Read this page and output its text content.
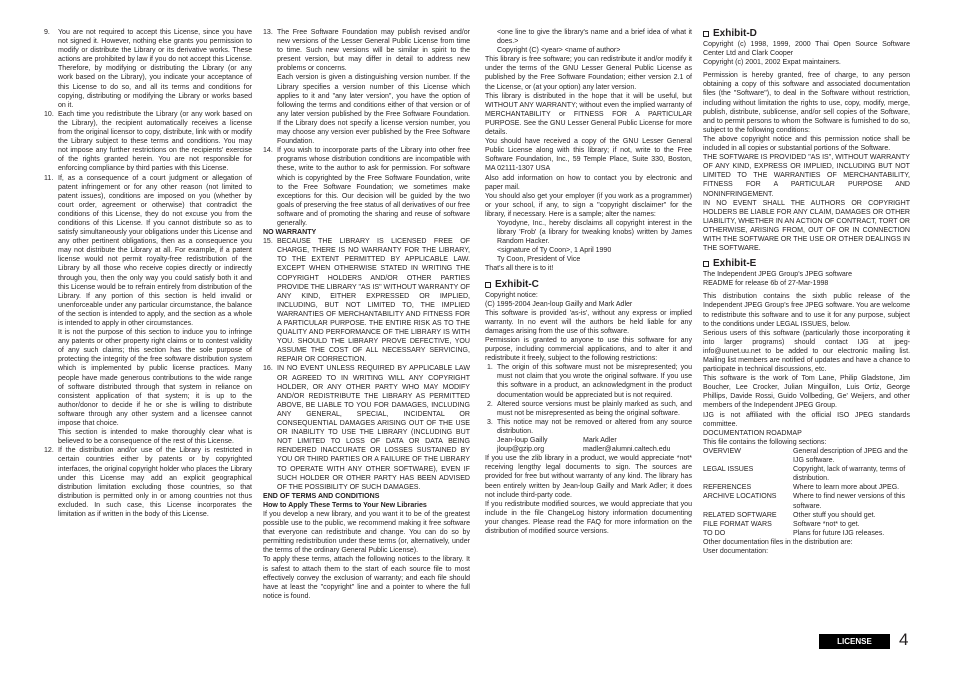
9.	You are not required to accept this License, since you have not signed it. However, nothing else grants you permission to modify or distribute the Library or its derivative works. These actions are prohibited by law if you do not accept this License. Therefore, by modifying or distributing the Library (or any work based on the Library), you indicate your acceptance of this License to do so, and all its terms and conditions for copying, distributing or modifying the Library or works based on it.
10. Each time you redistribute the Library (or any work based on the Library), the recipient automatically receives a license from the original licensor to copy, distribute, link with or modify the Library subject to these terms and conditions. You may not impose any further restrictions on the recipients' exercise of the rights granted herein. You are not responsible for enforcing compliance by third parties with this License.
11. If, as a consequence of a court judgment or allegation of patent infringement or for any other reason (not limited to patent issues), conditions are imposed on you (whether by court order, agreement or otherwise) that contradict the conditions of this License, they do not excuse you from the conditions of this License. If you cannot distribute so as to satisfy simultaneously your obligations under this License and any other pertinent obligations, then as a consequence you may not distribute the Library at all. For example, if a patent license would not permit royalty-free redistribution of the Library by all those who receive copies directly or indirectly through you, then the only way you could satisfy both it and this License would be to refrain entirely from distribution of the Library. If any portion of this section is held invalid or unenforceable under any particular circumstance, the balance of the section is intended to apply, and the section as a whole is intended to apply in other circumstances.

It is not the purpose of this section to induce you to infringe any patents or other property right claims or to contest validity of any such claims; this section has the sole purpose of protecting the integrity of the free software distribution system which is implemented by public license practices. Many people have made generous contributions to the wide range of software distributed through that system in reliance on consistent application of that system; it is up to the author/donor to decide if he or she is willing to distribute software through any other system and a licensee cannot impose that choice.

This section is intended to make thoroughly clear what is believed to be a consequence of the rest of this License.

12. If the distribution and/or use of the Library is restricted in certain countries either by patents or by copyrighted interfaces, the original copyright holder who places the Library under this License may add an explicit geographical distribution limitation excluding those countries, so that distribution is permitted only in or among countries not thus excluded. In such case, this License incorporates the limitation as if written in the body of this License.
13. The Free Software Foundation may publish revised and/or new versions of the Lesser General Public License from time to time. Such new versions will be similar in spirit to the present version, but may differ in detail to address new problems or concerns.

Each version is given a distinguishing version number. If the Library specifies a version number of this License which applies to it and "any later version", you have the option of following the terms and conditions either of that version or of any later version published by the Free Software Foundation. If the Library does not specify a license version number, you may choose any version ever published by the Free Software Foundation.

14. If you wish to incorporate parts of the Library into other free programs whose distribution conditions are incompatible with these, write to the author to ask for permission. For software which is copyrighted by the Free Software Foundation, write to the Free Software Foundation; we sometimes make exceptions for this. Our decision will be guided by the two goals of preserving the free status of all derivatives of our free software and of promoting the sharing and reuse of software generally.

NO WARRANTY

15. BECAUSE THE LIBRARY IS LICENSED FREE OF CHARGE, THERE IS NO WARRANTY FOR THE LIBRARY, TO THE EXTENT PERMITTED BY APPLICABLE LAW. EXCEPT WHEN OTHERWISE STATED IN WRITING THE COPYRIGHT HOLDERS AND/OR OTHER PARTIES PROVIDE THE LIBRARY "AS IS" WITHOUT WARRANTY OF ANY KIND, EITHER EXPRESSED OR IMPLIED, INCLUDING, BUT NOT LIMITED TO, THE IMPLIED WARRANTIES OF MERCHANTABILITY AND FITNESS FOR A PARTICULAR PURPOSE. THE ENTIRE RISK AS TO THE QUALITY AND PERFORMANCE OF THE LIBRARY IS WITH YOU. SHOULD THE LIBRARY PROVE DEFECTIVE, YOU ASSUME THE COST OF ALL NECESSARY SERVICING, REPAIR OR CORRECTION.
16. IN NO EVENT UNLESS REQUIRED BY APPLICABLE LAW OR AGREED TO IN WRITING WILL ANY COPYRIGHT HOLDER, OR ANY OTHER PARTY WHO MAY MODIFY AND/OR REDISTRIBUTE THE LIBRARY AS PERMITTED ABOVE, BE LIABLE TO YOU FOR DAMAGES, INCLUDING ANY GENERAL, SPECIAL, INCIDENTAL OR CONSEQUENTIAL DAMAGES ARISING OUT OF THE USE OR INABILITY TO USE THE LIBRARY (INCLUDING BUT NOT LIMITED TO LOSS OF DATA OR DATA BEING RENDERED INACCURATE OR LOSSES SUSTAINED BY YOU OR THIRD PARTIES OR A FAILURE OF THE LIBRARY TO OPERATE WITH ANY OTHER SOFTWARE), EVEN IF SUCH HOLDER OR OTHER PARTY HAS BEEN ADVISED OF THE POSSIBILITY OF SUCH DAMAGES.

END OF TERMS AND CONDITIONS

How to Apply These Terms to Your New Libraries

If you develop a new library, and you want it to be of the greatest possible use to the public, we recommend making it free software that everyone can redistribute and change. You can do so by permitting redistribution under these terms (or, alternatively, under the terms of the ordinary General Public License).

To apply these terms, attach the following notices to the library. It is safest to attach them to the start of each source file to most effectively convey the exclusion of warranty; and each file should have at least the "copyright" line and a pointer to where the full notice is found.

<one line to give the library's name and a brief idea of what it does.>

Copyright (C) <year> <name of author>

This library is free software; you can redistribute it and/or modify it under the terms of the GNU Lesser General Public License as published by the Free Software Foundation; either version 2.1 of the License, or (at your option) any later version.

This library is distributed in the hope that it will be useful, but WITHOUT ANY WARRANTY; without even the implied warranty of MERCHANTABILITY or FITNESS FOR A PARTICULAR PURPOSE. See the GNU Lesser General Public License for more details.

You should have received a copy of the GNU Lesser General Public License along with this library; if not, write to the Free Software Foundation, Inc., 59 Temple Place, Suite 330, Boston, MA 02111-1307 USA

Also add information on how to contact you by electronic and paper mail.

You should also get your employer (if you work as a programmer) or your school, if any, to sign a "copyright disclaimer" for the library, if necessary. Here is a sample; alter the names:

Yoyodyne, Inc., hereby disclaims all copyright interest in the library 'Frob' (a library for tweaking knobs) written by James Random Hacker.

<signature of Ty Coon>, 1 April 1990

Ty Coon, President of Vice

That's all there is to it!

Exhibit-C

Copyright notice:

(C) 1995-2004 Jean-loup Gailly and Mark Adler

This software is provided 'as-is', without any express or implied warranty. In no event will the authors be held liable for any damages arising from the use of this software.

Permission is granted to anyone to use this software for any purpose, including commercial applications, and to alter it and redistribute it freely, subject to the following restrictions:

1. The origin of this software must not be misrepresented; you must not claim that you wrote the original software. If you use this software in a product, an acknowledgment in the product documentation would be appreciated but is not required.
2. Altered source versions must be plainly marked as such, and must not be misrepresented as being the original software.
3. This notice may not be removed or altered from any source distribution.
Jean-loup Gailly	Mark Adler
jloup@gzip.org	madler@alumni.caltech.edu

If you use the zlib library in a product, we would appreciate *not* receiving lengthy legal documents to sign. The sources are provided for free but without warranty of any kind. The library has been entirely written by Jean-loup Gailly and Mark Adler; it does not include third-party code.

If you redistribute modified sources, we would appreciate that you include in the file ChangeLog history information documenting your changes. Please read the FAQ for more information on the distribution of modified source versions.

Exhibit-D

Copyright (c) 1998, 1999, 2000 Thai Open Source Software Center Ltd and Clark Cooper

Copyright (c) 2001, 2002 Expat maintainers.

Permission is hereby granted, free of charge, to any person obtaining a copy of this software and associated documentation files (the "Software"), to deal in the Software without restriction, including without limitation the rights to use, copy, modify, merge, publish, distribute, sublicense, and/or sell copies of the Software, and to permit persons to whom the Software is furnished to do so, subject to the following conditions:

The above copyright notice and this permission notice shall be included in all copies or substantial portions of the Software.

THE SOFTWARE IS PROVIDED "AS IS", WITHOUT WARRANTY OF ANY KIND, EXPRESS OR IMPLIED, INCLUDING BUT NOT LIMITED TO THE WARRANTIES OF MERCHANTABILITY, FITNESS FOR A PARTICULAR PURPOSE AND NONINFRINGEMENT.

IN NO EVENT SHALL THE AUTHORS OR COPYRIGHT HOLDERS BE LIABLE FOR ANY CLAIM, DAMAGES OR OTHER LIABILITY, WHETHER IN AN ACTION OF CONTRACT, TORT OR OTHERWISE, ARISING FROM, OUT OF OR IN CONNECTION WITH THE SOFTWARE OR THE USE OR OTHER DEALINGS IN THE SOFTWARE.

Exhibit-E

The Independent JPEG Group's JPEG software

README for release 6b of 27-Mar-1998

This distribution contains the sixth public release of the Independent JPEG Group's free JPEG software. You are welcome to redistribute this software and to use it for any purpose, subject to the conditions under LEGAL ISSUES, below.

Serious users of this software (particularly those incorporating it into larger programs) should contact IJG at jpeg-info@uunet.uu.net to be added to our electronic mailing list. Mailing list members are notified of updates and have a chance to participate in technical discussions, etc.

This software is the work of Tom Lane, Philip Gladstone, Jim Boucher, Lee Crocker, Julian Minguillon, Luis Ortiz, George Phillips, Davide Rossi, Guido Vollbeding, Ge' Weijers, and other members of the Independent JPEG Group.

IJG is not affiliated with the official ISO JPEG standards committee.

DOCUMENTATION ROADMAP

This file contains the following sections:

OVERVIEW	General description of JPEG and the IJG software.
LEGAL ISSUES	Copyright, lack of warranty, terms of distribution.
REFERENCES	Where to learn more about JPEG.
ARCHIVE LOCATIONS	Where to find newer versions of this software.
RELATED SOFTWARE	Other stuff you should get.
FILE FORMAT WARS	Software *not* to get.
TO DO	Plans for future IJG releases.

Other documentation files in the distribution are:

User documentation:

LICENSE	4
